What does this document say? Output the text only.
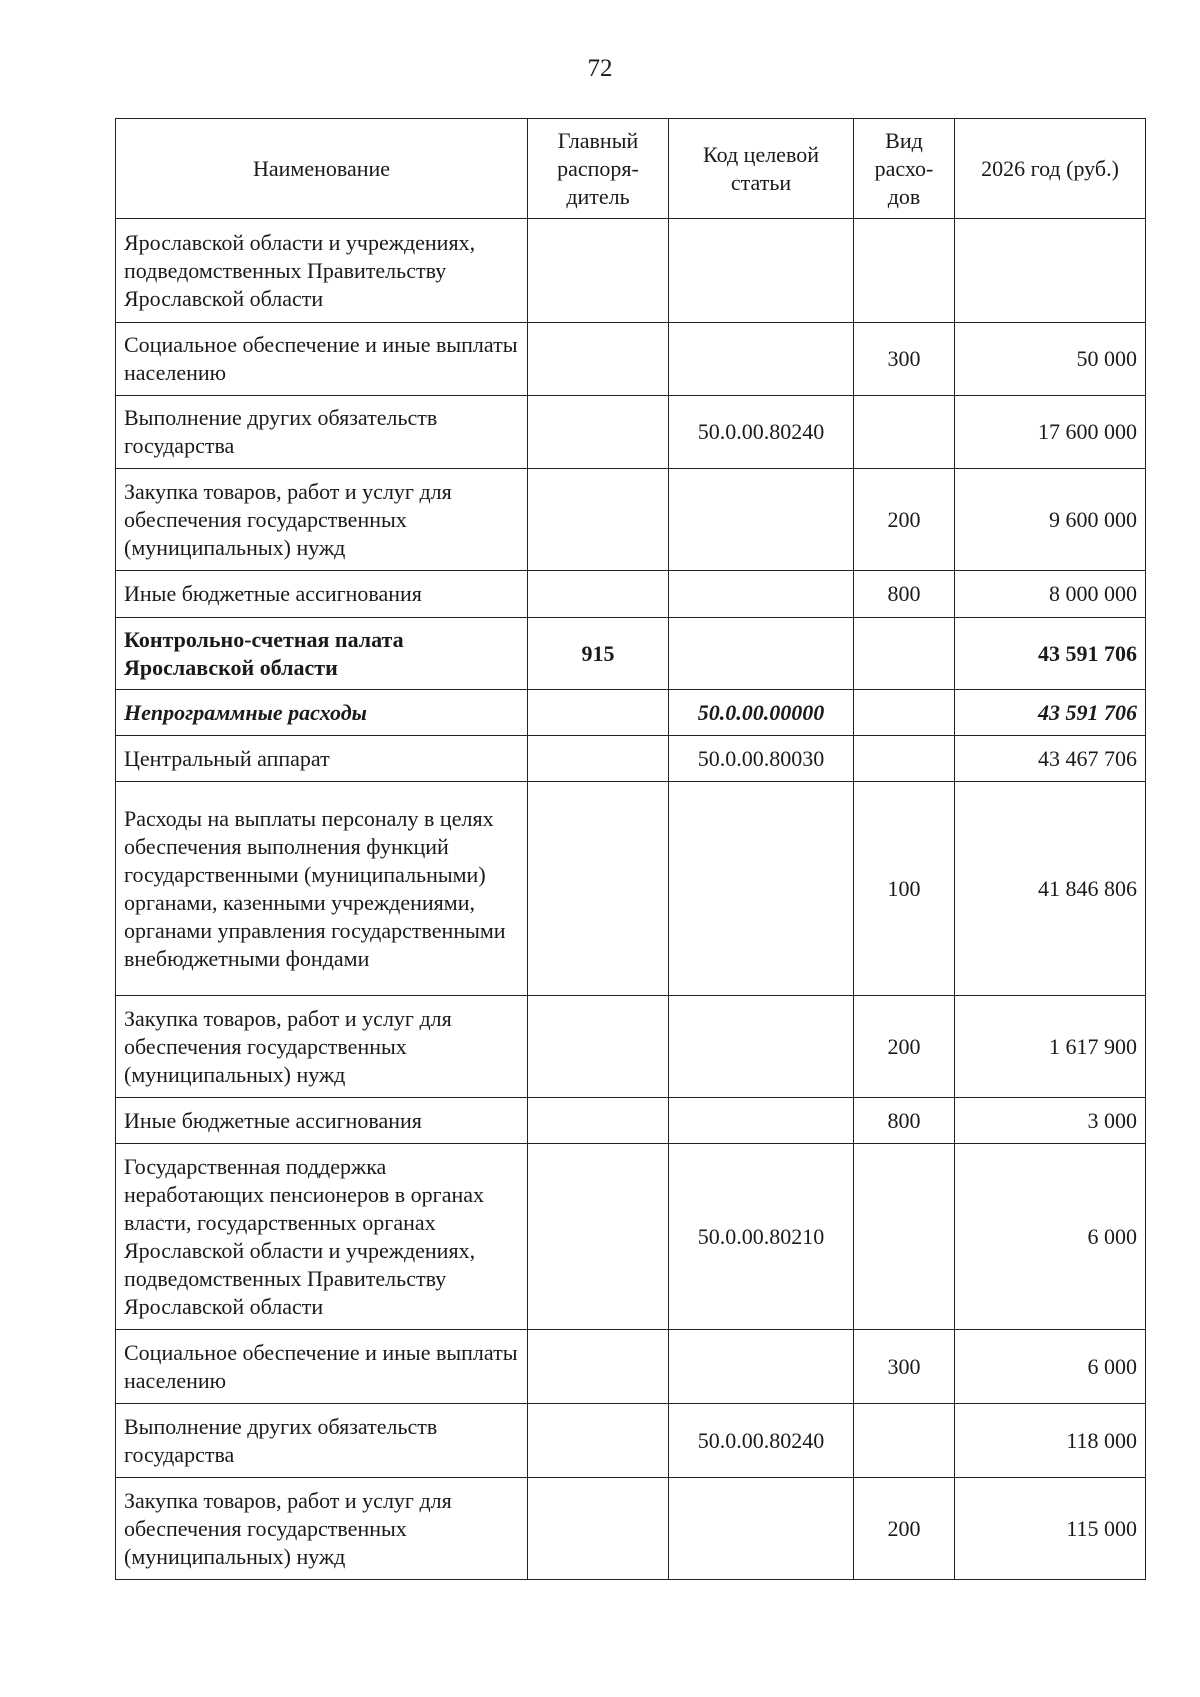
72
Наименование	Главный распоря-дитель	Код целевой статьи	Вид расхо-дов	2026 год (руб.)
Ярославской области и учреждениях, подведомственных Правительству Ярославской области				
Социальное обеспечение и иные выплаты населению			300	50 000
Выполнение других обязательств государства		50.0.00.80240		17 600 000
Закупка товаров, работ и услуг для обеспечения государственных (муниципальных) нужд			200	9 600 000
Иные бюджетные ассигнования			800	8 000 000
Контрольно-счетная палата Ярославской области	915			43 591 706
Непрограммные расходы		50.0.00.00000		43 591 706
Центральный аппарат		50.0.00.80030		43 467 706
Расходы на выплаты персоналу в целях обеспечения выполнения функций государственными (муниципальными) органами, казенными учреждениями, органами управления государственными внебюджетными фондами			100	41 846 806
Закупка товаров, работ и услуг для обеспечения государственных (муниципальных) нужд			200	1 617 900
Иные бюджетные ассигнования			800	3 000
Государственная поддержка неработающих пенсионеров в органах власти, государственных органах Ярославской области и учреждениях, подведомственных Правительству Ярославской области		50.0.00.80210		6 000
Социальное обеспечение и иные выплаты населению			300	6 000
Выполнение других обязательств государства		50.0.00.80240		118 000
Закупка товаров, работ и услуг для обеспечения государственных (муниципальных) нужд			200	115 000
